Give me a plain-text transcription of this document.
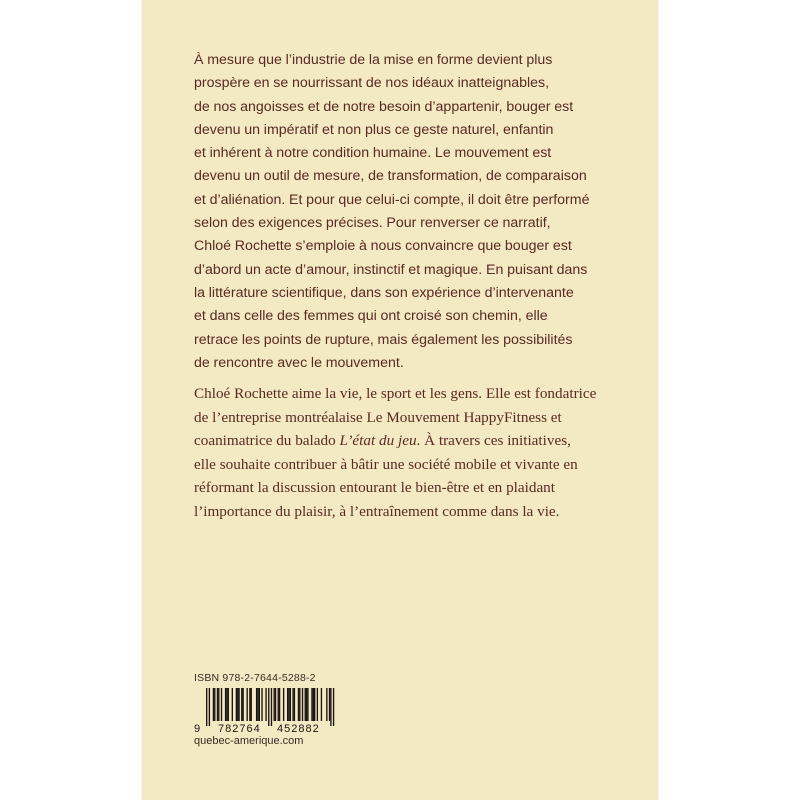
À mesure que l’industrie de la mise en forme devient plus
prospère en se nourrissant de nos idéaux inatteignables,
de nos angoisses et de notre besoin d’appartenir, bouger est
devenu un impératif et non plus ce geste naturel, enfantin
et inhérent à notre condition humaine. Le mouvement est
devenu un outil de mesure, de transformation, de comparaison
et d’aliénation. Et pour que celui-ci compte, il doit être performé
selon des exigences précises. Pour renverser ce narratif,
Chloé Rochette s’emploie à nous convaincre que bouger est
d’abord un acte d’amour, instinctif et magique. En puisant dans
la littérature scientifique, dans son expérience d’intervenante
et dans celle des femmes qui ont croisé son chemin, elle
retrace les points de rupture, mais également les possibilités
de rencontre avec le mouvement.
Chloé Rochette aime la vie, le sport et les gens. Elle est fondatrice
de l’entreprise montréalaise Le Mouvement HappyFitness et
coanimatrice du balado L’état du jeu. À travers ces initiatives,
elle souhaite contribuer à bâtir une société mobile et vivante en
réformant la discussion entourant le bien-être et en plaidant
l’importance du plaisir, à l’entraînement comme dans la vie.
ISBN 978-2-7644-5288-2
9 782764 452882
quebec-amerique.com
